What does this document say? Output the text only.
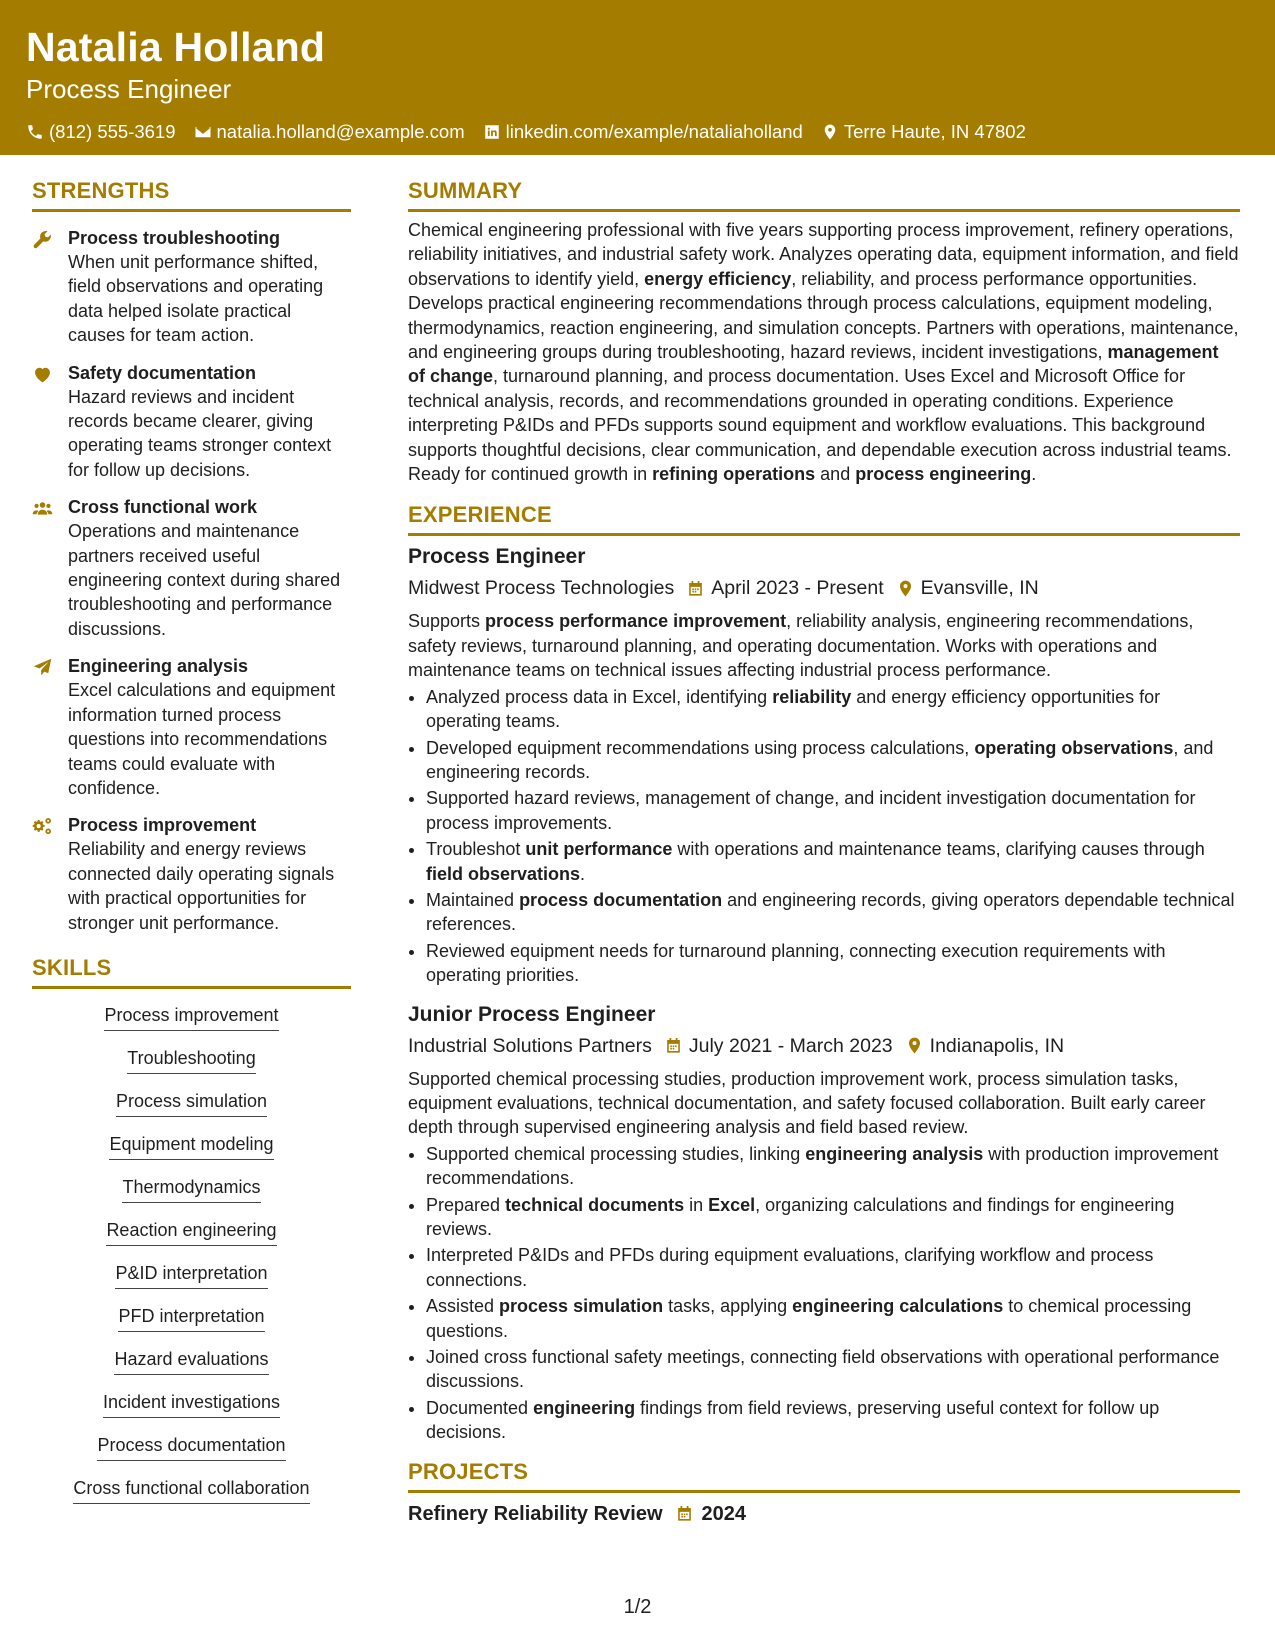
Natalia Holland
Process Engineer
(812) 555-3619 natalia.holland@example.com linkedin.com/example/nataliaholland Terre Haute, IN 47802
STRENGTHS
Process troubleshooting
When unit performance shifted, field observations and operating data helped isolate practical causes for team action.
Safety documentation
Hazard reviews and incident records became clearer, giving operating teams stronger context for follow up decisions.
Cross functional work
Operations and maintenance partners received useful engineering context during shared troubleshooting and performance discussions.
Engineering analysis
Excel calculations and equipment information turned process questions into recommendations teams could evaluate with confidence.
Process improvement
Reliability and energy reviews connected daily operating signals with practical opportunities for stronger unit performance.
SKILLS
Process improvement
Troubleshooting
Process simulation
Equipment modeling
Thermodynamics
Reaction engineering
P&ID interpretation
PFD interpretation
Hazard evaluations
Incident investigations
Process documentation
Cross functional collaboration
SUMMARY
Chemical engineering professional with five years supporting process improvement, refinery operations, reliability initiatives, and industrial safety work. Analyzes operating data, equipment information, and field observations to identify yield, energy efficiency, reliability, and process performance opportunities. Develops practical engineering recommendations through process calculations, equipment modeling, thermodynamics, reaction engineering, and simulation concepts. Partners with operations, maintenance, and engineering groups during troubleshooting, hazard reviews, incident investigations, management of change, turnaround planning, and process documentation. Uses Excel and Microsoft Office for technical analysis, records, and recommendations grounded in operating conditions. Experience interpreting P&IDs and PFDs supports sound equipment and workflow evaluations. This background supports thoughtful decisions, clear communication, and dependable execution across industrial teams. Ready for continued growth in refining operations and process engineering.
EXPERIENCE
Process Engineer
Midwest Process Technologies April 2023 - Present Evansville, IN
Supports process performance improvement, reliability analysis, engineering recommendations, safety reviews, turnaround planning, and operating documentation. Works with operations and maintenance teams on technical issues affecting industrial process performance.
• Analyzed process data in Excel, identifying reliability and energy efficiency opportunities for operating teams.
• Developed equipment recommendations using process calculations, operating observations, and engineering records.
• Supported hazard reviews, management of change, and incident investigation documentation for process improvements.
• Troubleshot unit performance with operations and maintenance teams, clarifying causes through field observations.
• Maintained process documentation and engineering records, giving operators dependable technical references.
• Reviewed equipment needs for turnaround planning, connecting execution requirements with operating priorities.
Junior Process Engineer
Industrial Solutions Partners July 2021 - March 2023 Indianapolis, IN
Supported chemical processing studies, production improvement work, process simulation tasks, equipment evaluations, technical documentation, and safety focused collaboration. Built early career depth through supervised engineering analysis and field based review.
• Supported chemical processing studies, linking engineering analysis with production improvement recommendations.
• Prepared technical documents in Excel, organizing calculations and findings for engineering reviews.
• Interpreted P&IDs and PFDs during equipment evaluations, clarifying workflow and process connections.
• Assisted process simulation tasks, applying engineering calculations to chemical processing questions.
• Joined cross functional safety meetings, connecting field observations with operational performance discussions.
• Documented engineering findings from field reviews, preserving useful context for follow up decisions.
PROJECTS
Refinery Reliability Review 2024
1/2
